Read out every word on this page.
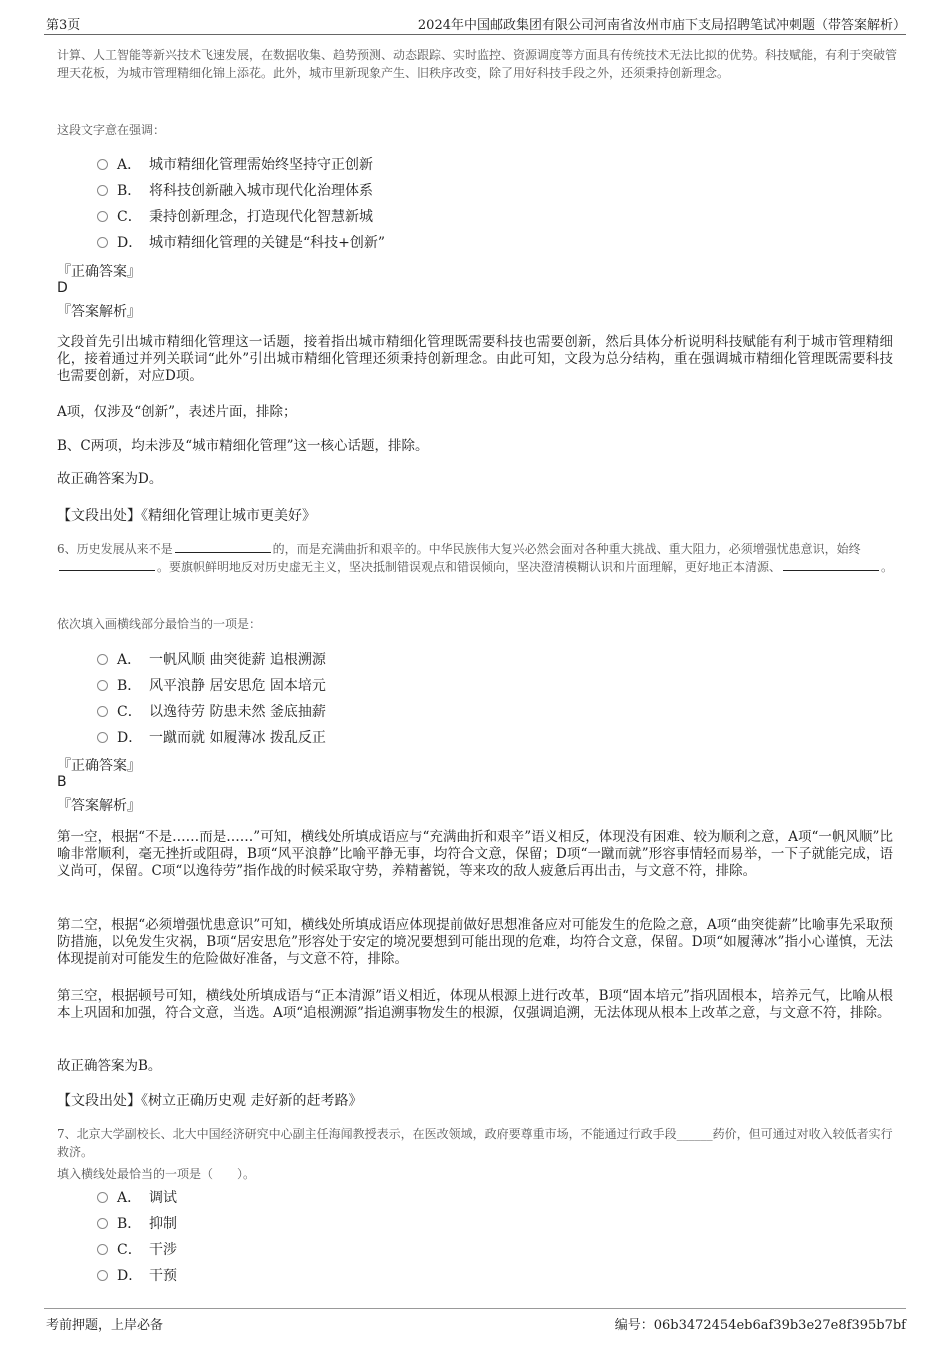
第3页	2024年中国邮政集团有限公司河南省汝州市庙下支局招聘笔试冲刺题（带答案解析）
计算、人工智能等新兴技术飞速发展，在数据收集、趋势预测、动态跟踪、实时监控、资源调度等方面具有传统技术无法比拟的优势。科技赋能，有利于突破管理天花板，为城市管理精细化锦上添花。此外，城市里新现象产生、旧秩序改变，除了用好科技手段之外，还须秉持创新理念。
这段文字意在强调：
A． 城市精细化管理需始终坚持守正创新
B． 将科技创新融入城市现代化治理体系
C． 秉持创新理念，打造现代化智慧新城
D． 城市精细化管理的关键是“科技+创新”
『正确答案』
D
『答案解析』
文段首先引出城市精细化管理这一话题，接着指出城市精细化管理既需要科技也需要创新，然后具体分析说明科技赋能有利于城市管理精细化，接着通过并列关联词“此外”引出城市精细化管理还须秉持创新理念。由此可知，文段为总分结构，重在强调城市精细化管理既需要科技也需要创新，对应D项。
A项，仅涉及“创新”，表述片面，排除；
B、C两项，均未涉及“城市精细化管理”这一核心话题，排除。
故正确答案为D。
【文段出处】《精细化管理让城市更美好》
6、历史发展从来不是	的，而是充满曲折和艰辛的。中华民族伟大复兴必然会面对各种重大挑战、重大阻力，必须增强忧患意识，始终。要旗帜鲜明地反对历史虚无主义，坚决抵制错误观点和错误倾向，坚决澄清模糊认识和片面理解，更好地正本清源、	。
依次填入画横线部分最恰当的一项是：
A． 一帆风顺 曲突徙薪 追根溯源
B． 风平浪静 居安思危 固本培元
C． 以逸待劳 防患未然 釜底抽薪
D． 一蹴而就 如履薄冰 拨乱反正
『正确答案』
B
『答案解析』
第一空，根据“不是……而是……”可知，横线处所填成语应与“充满曲折和艰辛”语义相反，体现没有困难、较为顺利之意，A项“一帆风顺”比喻非常顺利，毫无挫折或阻碍，B项“风平浪静”比喻平静无事，均符合文意，保留；D项“一蹴而就”形容事情轻而易举，一下子就能完成，语义尚可，保留。C项“以逸待劳”指作战的时候采取守势，养精蓄锐，等来攻的敌人疲惫后再出击，与文意不符，排除。
第二空，根据“必须增强忧患意识”可知，横线处所填成语应体现提前做好思想准备应对可能发生的危险之意，A项“曲突徙薪”比喻事先采取预防措施，以免发生灾祸，B项“居安思危”形容处于安定的境况要想到可能出现的危难，均符合文意，保留。D项“如履薄冰”指小心谨慎，无法体现提前对可能发生的危险做好准备，与文意不符，排除。
第三空，根据顿号可知，横线处所填成语与“正本清源”语义相近，体现从根源上进行改革，B项“固本培元”指巩固根本，培养元气，比喻从根本上巩固和加强，符合文意，当选。A项“追根溯源”指追溯事物发生的根源，仅强调追溯，无法体现从根本上改革之意，与文意不符，排除。
故正确答案为B。
【文段出处】《树立正确历史观 走好新的赶考路》
7、北京大学副校长、北大中国经济研究中心副主任海闻教授表示，在医改领域，政府要尊重市场，不能通过行政手段______药价，但可通过对收入较低者实行救济。
填入横线处最恰当的一项是（　　）。
A． 调试
B． 抑制
C． 干涉
D． 干预
考前押题，上岸必备	编号：06b3472454eb6af39b3e27e8f395b7bf
